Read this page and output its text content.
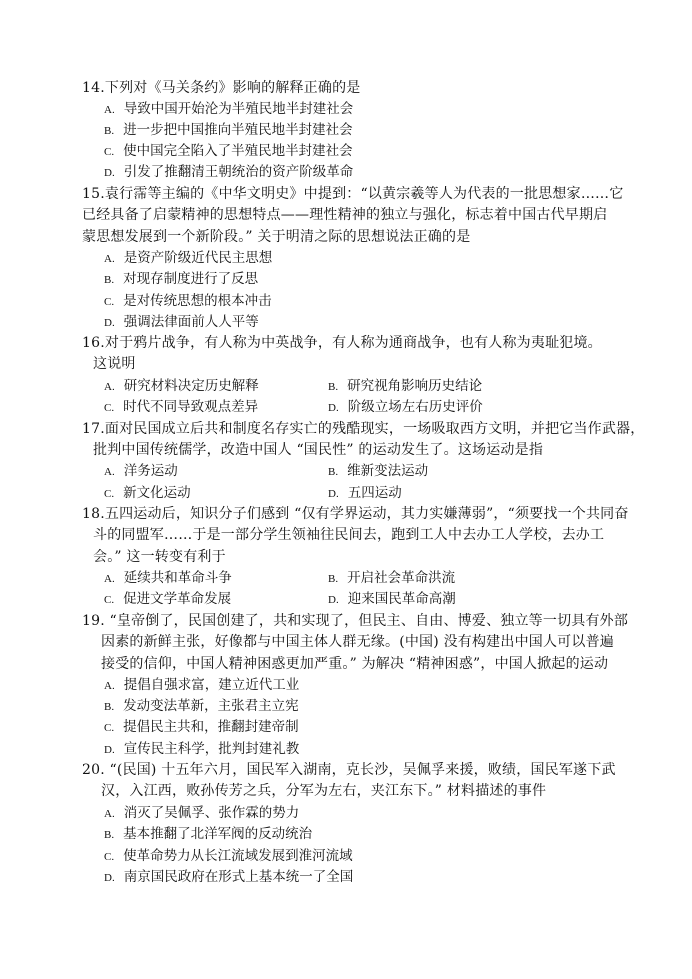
14.下列对《马关条约》影响的解释正确的是
A. 导致中国开始沦为半殖民地半封建社会
B. 进一步把中国推向半殖民地半封建社会
C. 使中国完全陷入了半殖民地半封建社会
D. 引发了推翻清王朝统治的资产阶级革命
15.袁行霈等主编的《中华文明史》中提到：“以黄宗羲等人为代表的一批思想家……它
已经具备了启蒙精神的思想特点——理性精神的独立与强化，标志着中国古代早期启
蒙思想发展到一个新阶段。” 关于明清之际的思想说法正确的是
A. 是资产阶级近代民主思想
B. 对现存制度进行了反思
C. 是对传统思想的根本冲击
D. 强调法律面前人人平等
16.对于鸦片战争，有人称为中英战争，有人称为通商战争，也有人称为夷耻犯境。
这说明
A. 研究材料决定历史解释	B. 研究视角影响历史结论
C. 时代不同导致观点差异	D. 阶级立场左右历史评价
17.面对民国成立后共和制度名存实亡的残酷现实，一场吸取西方文明，并把它当作武器，
批判中国传统儒学，改造中国人 “国民性” 的运动发生了。这场运动是指
A. 洋务运动	B. 维新变法运动
C. 新文化运动	D. 五四运动
18.五四运动后，知识分子们感到 “仅有学界运动，其力实嫌薄弱”，“须要找一个共同奋
斗的同盟军……于是一部分学生领袖往民间去，跑到工人中去办工人学校，去办工
会。” 这一转变有利于
A. 延续共和革命斗争	B. 开启社会革命洪流
C. 促进文学革命发展	D. 迎来国民革命高潮
19. “皇帝倒了，民国创建了，共和实现了，但民主、自由、博爱、独立等一切具有外部
因素的新鲜主张，好像都与中国主体人群无缘。(中国) 没有构建出中国人可以普遍
接受的信仰，中国人精神困惑更加严重。” 为解决 “精神困惑”，中国人掀起的运动
A. 提倡自强求富，建立近代工业
B. 发动变法革新，主张君主立宪
C. 提倡民主共和，推翻封建帝制
D. 宣传民主科学，批判封建礼教
20. “(民国) 十五年六月，国民军入湖南，克长沙，吴佩孚来援，败绩，国民军遂下武
汉，入江西，败孙传芳之兵，分军为左右，夹江东下。” 材料描述的事件
A. 消灭了吴佩孚、张作霖的势力
B. 基本推翻了北洋军阀的反动统治
C. 使革命势力从长江流域发展到淮河流域
D. 南京国民政府在形式上基本统一了全国
